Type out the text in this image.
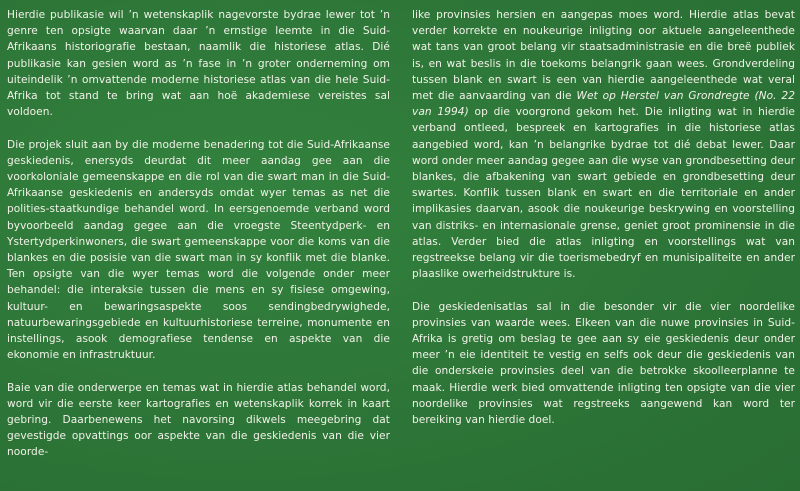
Hierdie publikasie wil ’n wetenskaplik nagevorste bydrae lewer tot ’n genre ten opsigte waarvan daar ’n ernstige leemte in die Suid-Afrikaans historiografie bestaan, naamlik die historiese atlas. Dié publikasie kan gesien word as ’n fase in ’n groter onderneming om uiteindelik ’n omvattende moderne historiese atlas van die hele Suid-Afrika tot stand te bring wat aan hoë akademiese vereistes sal voldoen.

Die projek sluit aan by die moderne benadering tot die Suid-Afrikaanse geskiedenis, enersyds deurdat dit meer aandag gee aan die voorkoloniale gemeenskappe en die rol van die swart man in die Suid-Afrikaanse geskiedenis en andersyds omdat wyer temas as net die polities-staatkundige behandel word. In eersgenoemde verband word byvoorbeeld aandag gegee aan die vroegste Steentydperk- en Ystertydperkinwoners, die swart gemeenskappe voor die koms van die blankes en die posisie van die swart man in sy konflik met die blanke. Ten opsigte van die wyer temas word die volgende onder meer behandel: die interaksie tussen die mens en sy fisiese omgewing, kultuur- en bewaringsaspekte soos sendingbedrywighede, natuurbewaringsgebiede en kultuurhistoriese terreine, monumente en instellings, asook demografiese tendense en aspekte van die ekonomie en infrastruktuur.

Baie van die onderwerpe en temas wat in hierdie atlas behandel word, word vir die eerste keer kartografies en wetenskaplik korrek in kaart gebring. Daarbenewens het navorsing dikwels meegebring dat gevestigde opvattings oor aspekte van die geskiedenis van die vier noorde-

like provinsies hersien en aangepas moes word. Hierdie atlas bevat verder korrekte en noukeurige inligting oor aktuele aangeleenthede wat tans van groot belang vir staatsadministrasie en die breë publiek is, en wat beslis in die toekoms belangrik gaan wees. Grondverdeling tussen blank en swart is een van hierdie aangeleenthede wat veral met die aanvaarding van die Wet op Herstel van Grondregte (No. 22 van 1994) op die voorgrond gekom het. Die inligting wat in hierdie verband ontleed, bespreek en kartografies in die historiese atlas aangebied word, kan ’n belangrike bydrae tot dié debat lewer. Daar word onder meer aandag gegee aan die wyse van grondbesetting deur blankes, die afbakening van swart gebiede en grondbesetting deur swartes. Konflik tussen blank en swart en die territoriale en ander implikasies daarvan, asook die noukeurige beskrywing en voorstelling van distriks- en internasionale grense, geniet groot prominensie in die atlas. Verder bied die atlas inligting en voorstellings wat van regstreekse belang vir die toerismebedryf en munisipaliteite en ander plaaslike owerheidstrukture is.

Die geskiedenisatlas sal in die besonder vir die vier noordelike provinsies van waarde wees. Elkeen van die nuwe provinsies in Suid-Afrika is gretig om beslag te gee aan sy eie geskiedenis deur onder meer ’n eie identiteit te vestig en selfs ook deur die geskiedenis van die onderskeie provinsies deel van die betrokke skoolleerplanne te maak. Hierdie werk bied omvattende inligting ten opsigte van die vier noordelike provinsies wat regstreeks aangewend kan word ter bereiking van hierdie doel.
